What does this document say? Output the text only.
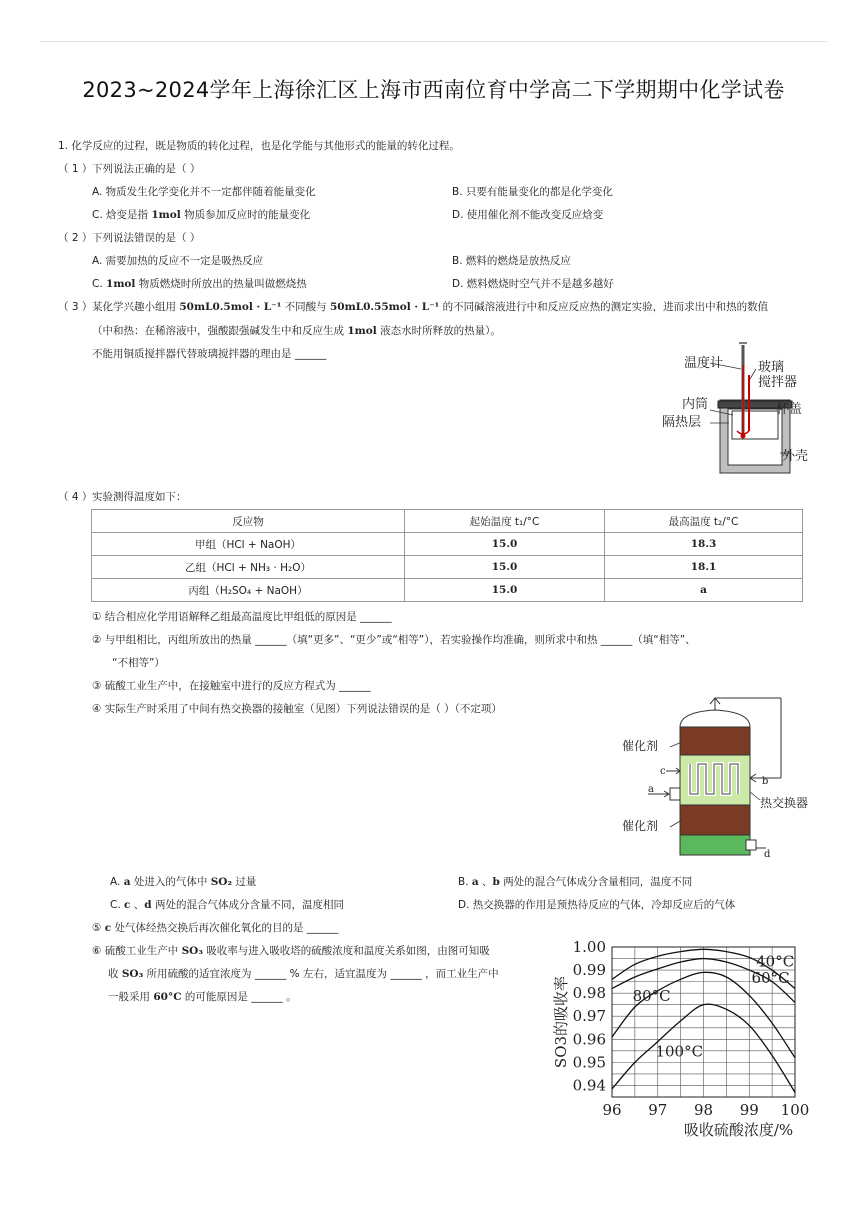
2023~2024学年上海徐汇区上海市西南位育中学高二下学期期中化学试卷
1. 化学反应的过程，既是物质的转化过程，也是化学能与其他形式的能量的转化过程。
（ 1 ） 下列说法正确的是（ ）
A. 物质发生化学变化并不一定都伴随着能量变化	B. 只要有能量变化的都是化学变化
C. 焓变是指 1mol 物质参加反应时的能量变化	D. 使用催化剂不能改变反应焓变
（ 2 ） 下列说法错误的是（ ）
A. 需要加热的反应不一定是吸热反应	B. 燃料的燃烧是放热反应
C. 1mol 物质燃烧时所放出的热量叫做燃烧热	D. 燃料燃烧时空气并不是越多越好
（ 3 ） 某化学兴趣小组用 50mL0.5mol · L⁻¹ 不同酸与 50mL0.55mol · L⁻¹ 的不同碱溶液进行中和反应反应热的测定实验，进而求出中和热的数值
（中和热：在稀溶液中，强酸跟强碱发生中和反应生成 1mol 液态水时所释放的热量）。
不能用铜质搅拌器代替玻璃搅拌器的理由是 ______
温度计	玻璃
搅拌器
内筒
隔热层
杯盖
外壳
（ 4 ） 实验测得温度如下：
反应物	起始温度 t₁/°C	最高温度 t₂/°C
甲组（HCl + NaOH）	15.0	18.3
乙组（HCl + NH₃ · H₂O）	15.0	18.1
丙组（H₂SO₄ + NaOH）	15.0	a
① 结合相应化学用语解释乙组最高温度比甲组低的原因是 ______
② 与甲组相比，丙组所放出的热量 ______（填“更多”、“更少”或“相等”），若实验操作均准确，则所求中和热 ______（填“相等”、
“不相等”）
③ 硫酸工业生产中，在接触室中进行的反应方程式为 ______
④ 实际生产时采用了中间有热交换器的接触室（见图）下列说法错误的是（ ）（不定项）
催化剂
催化剂
热交换器
c
a
b
d
A. a 处进入的气体中 SO₂ 过量	B. a 、b 两处的混合气体成分含量相同，温度不同
C. c 、d 两处的混合气体成分含量不同，温度相同	D. 热交换器的作用是预热待反应的气体，冷却反应后的气体
⑤ c 处气体经热交换后再次催化氧化的目的是 ______
⑥ 硫酸工业生产中 SO₃ 吸收率与进入吸收塔的硫酸浓度和温度关系如图，由图可知吸
收 SO₃ 所用硫酸的适宜浓度为 ______ % 左右，适宜温度为 ______ ，而工业生产中
一般采用 60°C 的可能原因是 ______ 。
96 97 98 99 100
1.00
0.99
0.98
0.97
0.96
0.95
0.94
40°C
60°C
80°C
100°C
吸收硫酸浓度/%
SO3的吸收率
